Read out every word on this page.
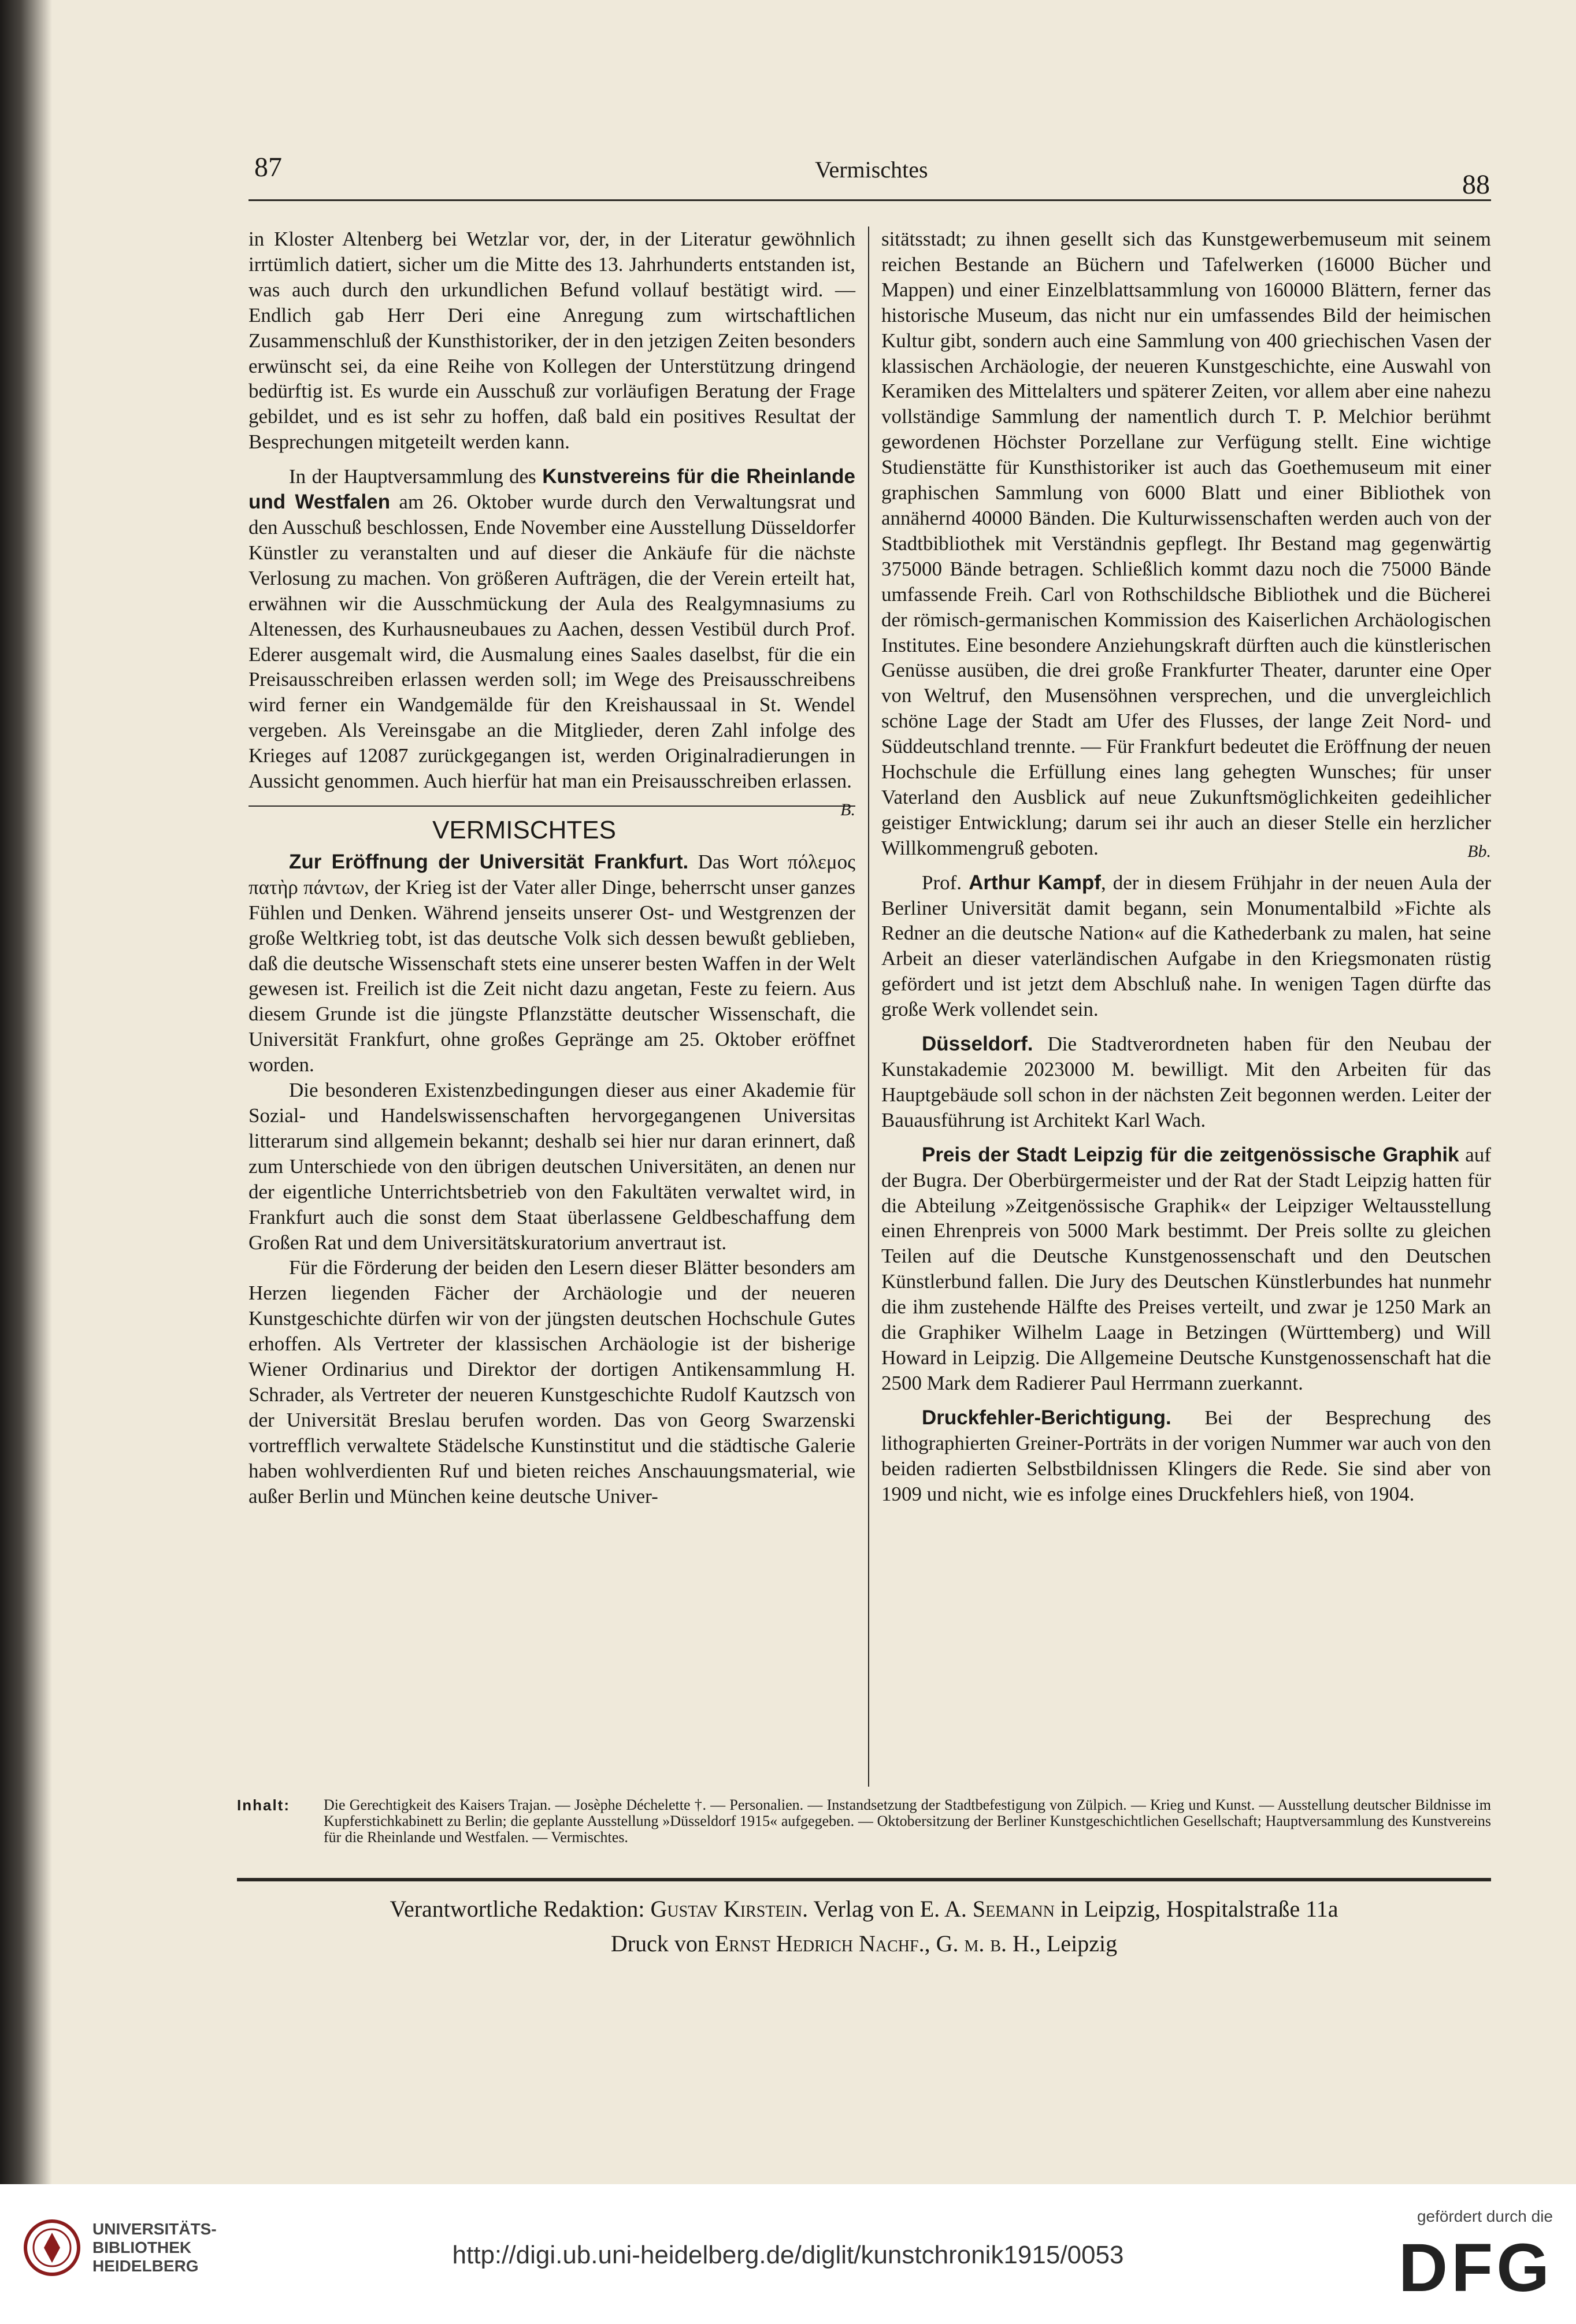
87	Vermischtes	88

in Kloster Altenberg bei Wetzlar vor, der, in der Literatur gewöhnlich irrtümlich datiert, sicher um die Mitte des 13. Jahrhunderts entstanden ist, was auch durch den urkundlichen Befund vollauf bestätigt wird. — Endlich gab Herr Deri eine Anregung zum wirtschaftlichen Zusammenschluß der Kunsthistoriker, der in den jetzigen Zeiten besonders erwünscht sei, da eine Reihe von Kollegen der Unterstützung dringend bedürftig ist. Es wurde ein Ausschuß zur vorläufigen Beratung der Frage gebildet, und es ist sehr zu hoffen, daß bald ein positives Resultat der Besprechungen mitgeteilt werden kann.

In der Hauptversammlung des Kunstvereins für die Rheinlande und Westfalen am 26. Oktober wurde durch den Verwaltungsrat und den Ausschuß beschlossen, Ende November eine Ausstellung Düsseldorfer Künstler zu veranstalten und auf dieser die Ankäufe für die nächste Verlosung zu machen. Von größeren Aufträgen, die der Verein erteilt hat, erwähnen wir die Ausschmückung der Aula des Realgymnasiums zu Altenessen, des Kurhausneubaues zu Aachen, dessen Vestibül durch Prof. Ederer ausgemalt wird, die Ausmalung eines Saales daselbst, für die ein Preisausschreiben erlassen werden soll; im Wege des Preisausschreibens wird ferner ein Wandgemälde für den Kreishaussaal in St. Wendel vergeben. Als Vereinsgabe an die Mitglieder, deren Zahl infolge des Krieges auf 12087 zurückgegangen ist, werden Originalradierungen in Aussicht genommen. Auch hierfür hat man ein Preisausschreiben erlassen.
B.

VERMISCHTES

Zur Eröffnung der Universität Frankfurt. Das Wort πόλεμος πατὴρ πάντων, der Krieg ist der Vater aller Dinge, beherrscht unser ganzes Fühlen und Denken. Während jenseits unserer Ost- und Westgrenzen der große Weltkrieg tobt, ist das deutsche Volk sich dessen bewußt geblieben, daß die deutsche Wissenschaft stets eine unserer besten Waffen in der Welt gewesen ist. Freilich ist die Zeit nicht dazu angetan, Feste zu feiern. Aus diesem Grunde ist die jüngste Pflanzstätte deutscher Wissenschaft, die Universität Frankfurt, ohne großes Gepränge am 25. Oktober eröffnet worden.

Die besonderen Existenzbedingungen dieser aus einer Akademie für Sozial- und Handelswissenschaften hervorgegangenen Universitas litterarum sind allgemein bekannt; deshalb sei hier nur daran erinnert, daß zum Unterschiede von den übrigen deutschen Universitäten, an denen nur der eigentliche Unterrichtsbetrieb von den Fakultäten verwaltet wird, in Frankfurt auch die sonst dem Staat überlassene Geldbeschaffung dem Großen Rat und dem Universitätskuratorium anvertraut ist.

Für die Förderung der beiden den Lesern dieser Blätter besonders am Herzen liegenden Fächer der Archäologie und der neueren Kunstgeschichte dürfen wir von der jüngsten deutschen Hochschule Gutes erhoffen. Als Vertreter der klassischen Archäologie ist der bisherige Wiener Ordinarius und Direktor der dortigen Antikensammlung H. Schrader, als Vertreter der neueren Kunstgeschichte Rudolf Kautzsch von der Universität Breslau berufen worden. Das von Georg Swarzenski vortrefflich verwaltete Städelsche Kunstinstitut und die städtische Galerie haben wohlverdienten Ruf und bieten reiches Anschauungsmaterial, wie außer Berlin und München keine deutsche Univer-

sitätsstadt; zu ihnen gesellt sich das Kunstgewerbemuseum mit seinem reichen Bestande an Büchern und Tafelwerken (16000 Bücher und Mappen) und einer Einzelblattsammlung von 160000 Blättern, ferner das historische Museum, das nicht nur ein umfassendes Bild der heimischen Kultur gibt, sondern auch eine Sammlung von 400 griechischen Vasen der klassischen Archäologie, der neueren Kunstgeschichte, eine Auswahl von Keramiken des Mittelalters und späterer Zeiten, vor allem aber eine nahezu vollständige Sammlung der namentlich durch T. P. Melchior berühmt gewordenen Höchster Porzellane zur Verfügung stellt. Eine wichtige Studienstätte für Kunsthistoriker ist auch das Goethemuseum mit einer graphischen Sammlung von 6000 Blatt und einer Bibliothek von annähernd 40000 Bänden. Die Kulturwissenschaften werden auch von der Stadtbibliothek mit Verständnis gepflegt. Ihr Bestand mag gegenwärtig 375000 Bände betragen. Schließlich kommt dazu noch die 75000 Bände umfassende Freih. Carl von Rothschildsche Bibliothek und die Bücherei der römisch-germanischen Kommission des Kaiserlichen Archäologischen Institutes. Eine besondere Anziehungskraft dürften auch die künstlerischen Genüsse ausüben, die drei große Frankfurter Theater, darunter eine Oper von Weltruf, den Musensöhnen versprechen, und die unvergleichlich schöne Lage der Stadt am Ufer des Flusses, der lange Zeit Nord- und Süddeutschland trennte. — Für Frankfurt bedeutet die Eröffnung der neuen Hochschule die Erfüllung eines lang gehegten Wunsches; für unser Vaterland den Ausblick auf neue Zukunftsmöglichkeiten gedeihlicher geistiger Entwicklung; darum sei ihr auch an dieser Stelle ein herzlicher Willkommengruß geboten.	Bb.

Prof. Arthur Kampf, der in diesem Frühjahr in der neuen Aula der Berliner Universität damit begann, sein Monumentalbild »Fichte als Redner an die deutsche Nation« auf die Kathederbank zu malen, hat seine Arbeit an dieser vaterländischen Aufgabe in den Kriegsmonaten rüstig gefördert und ist jetzt dem Abschluß nahe. In wenigen Tagen dürfte das große Werk vollendet sein.

Düsseldorf. Die Stadtverordneten haben für den Neubau der Kunstakademie 2023000 M. bewilligt. Mit den Arbeiten für das Hauptgebäude soll schon in der nächsten Zeit begonnen werden. Leiter der Bauausführung ist Architekt Karl Wach.

Preis der Stadt Leipzig für die zeitgenössische Graphik auf der Bugra. Der Oberbürgermeister und der Rat der Stadt Leipzig hatten für die Abteilung »Zeitgenössische Graphik« der Leipziger Weltausstellung einen Ehrenpreis von 5000 Mark bestimmt. Der Preis sollte zu gleichen Teilen auf die Deutsche Kunstgenossenschaft und den Deutschen Künstlerbund fallen. Die Jury des Deutschen Künstlerbundes hat nunmehr die ihm zustehende Hälfte des Preises verteilt, und zwar je 1250 Mark an die Graphiker Wilhelm Laage in Betzingen (Württemberg) und Will Howard in Leipzig. Die Allgemeine Deutsche Kunstgenossenschaft hat die 2500 Mark dem Radierer Paul Herrmann zuerkannt.

Druckfehler-Berichtigung. Bei der Besprechung des lithographierten Greiner-Porträts in der vorigen Nummer war auch von den beiden radierten Selbstbildnissen Klingers die Rede. Sie sind aber von 1909 und nicht, wie es infolge eines Druckfehlers hieß, von 1904.

Inhalt: Die Gerechtigkeit des Kaisers Trajan. — Josèphe Déchelette †. — Personalien. — Instandsetzung der Stadtbefestigung von Zülpich. — Krieg und Kunst. — Ausstellung deutscher Bildnisse im Kupferstichkabinett zu Berlin; die geplante Ausstellung »Düsseldorf 1915« aufgegeben. — Oktobersitzung der Berliner Kunstgeschichtlichen Gesellschaft; Hauptversammlung des Kunstvereins für die Rheinlande und Westfalen. — Vermischtes.
Verantwortliche Redaktion: Gustav Kirstein. Verlag von E. A. Seemann in Leipzig, Hospitalstraße 11a
Druck von Ernst Hedrich Nachf., G. m. b. H., Leipzig
UNIVERSITÄTS-
BIBLIOTHEK
HEIDELBERG	http://digi.ub.uni-heidelberg.de/diglit/kunstchronik1915/0053
gefördert durch die
DFG
